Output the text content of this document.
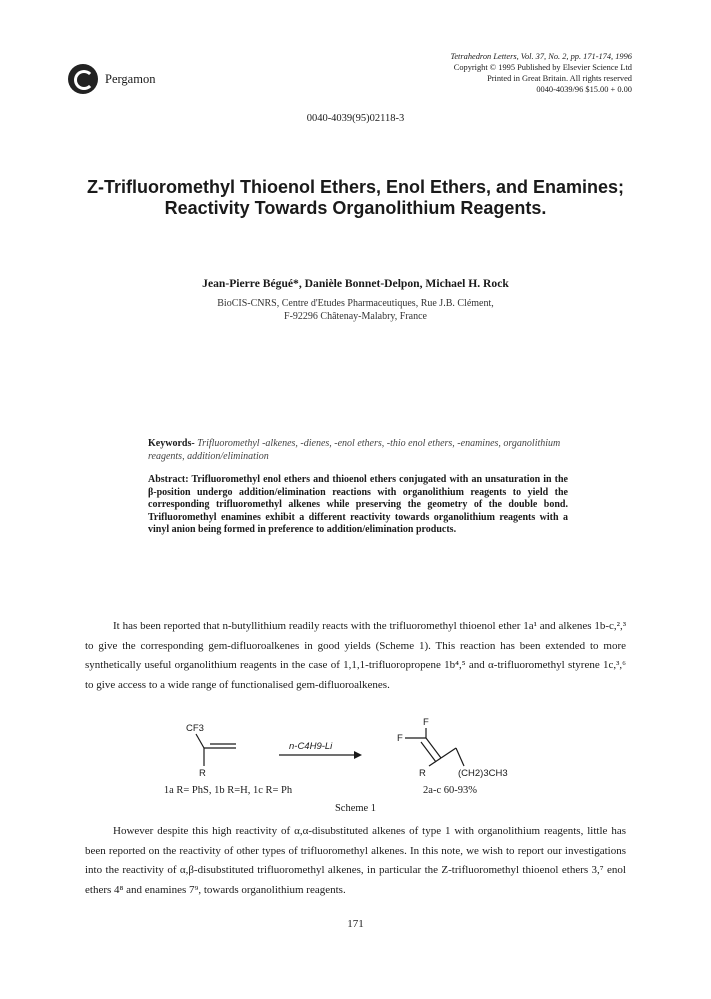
Pergamon
Tetrahedron Letters, Vol. 37, No. 2, pp. 171-174, 1996
Copyright © 1995 Published by Elsevier Science Ltd
Printed in Great Britain. All rights reserved
0040-4039/96 $15.00 + 0.00
0040-4039(95)02118-3
Z-Trifluoromethyl Thioenol Ethers, Enol Ethers, and Enamines;
Reactivity Towards Organolithium Reagents.
Jean-Pierre Bégué*, Danièle Bonnet-Delpon, Michael H. Rock
BioCIS-CNRS, Centre d'Etudes Pharmaceutiques, Rue J.B. Clément,
F-92296 Châtenay-Malabry, France
Keywords- Trifluoromethyl -alkenes, -dienes, -enol ethers, -thio enol ethers, -enamines, organolithium reagents, addition/elimination
Abstract: Trifluoromethyl enol ethers and thioenol ethers conjugated with an unsaturation in the β-position undergo addition/elimination reactions with organolithium reagents to yield the corresponding trifluoromethyl alkenes while preserving the geometry of the double bond. Trifluoromethyl enamines exhibit a different reactivity towards organolithium reagents with a vinyl anion being formed in preference to addition/elimination products.

It has been reported that n-butyllithium readily reacts with the trifluoromethyl thioenol ether 1a¹ and alkenes 1b-c,²,³ to give the corresponding gem-difluoroalkenes in good yields (Scheme 1). This reaction has been extended to more synthetically useful organolithium reagents in the case of 1,1,1-trifluoropropene 1b⁴,⁵ and α-trifluoromethyl styrene 1c,³,⁶ to give access to a wide range of functionalised gem-difluoroalkenes.

CF3
R
n-C4H9-Li
F
F
R	(CH2)3CH3
1a R= PhS, 1b R=H, 1c R= Ph	2a-c 60-93%
Scheme 1

However despite this high reactivity of α,α-disubstituted alkenes of type 1 with organolithium reagents, little has been reported on the reactivity of other types of trifluoromethyl alkenes. In this note, we wish to report our investigations into the reactivity of α,β-disubstituted trifluoromethyl alkenes, in particular the Z-trifluoromethyl thioenol ethers 3,⁷ enol ethers 4⁸ and enamines 7⁹, towards organolithium reagents.

171
